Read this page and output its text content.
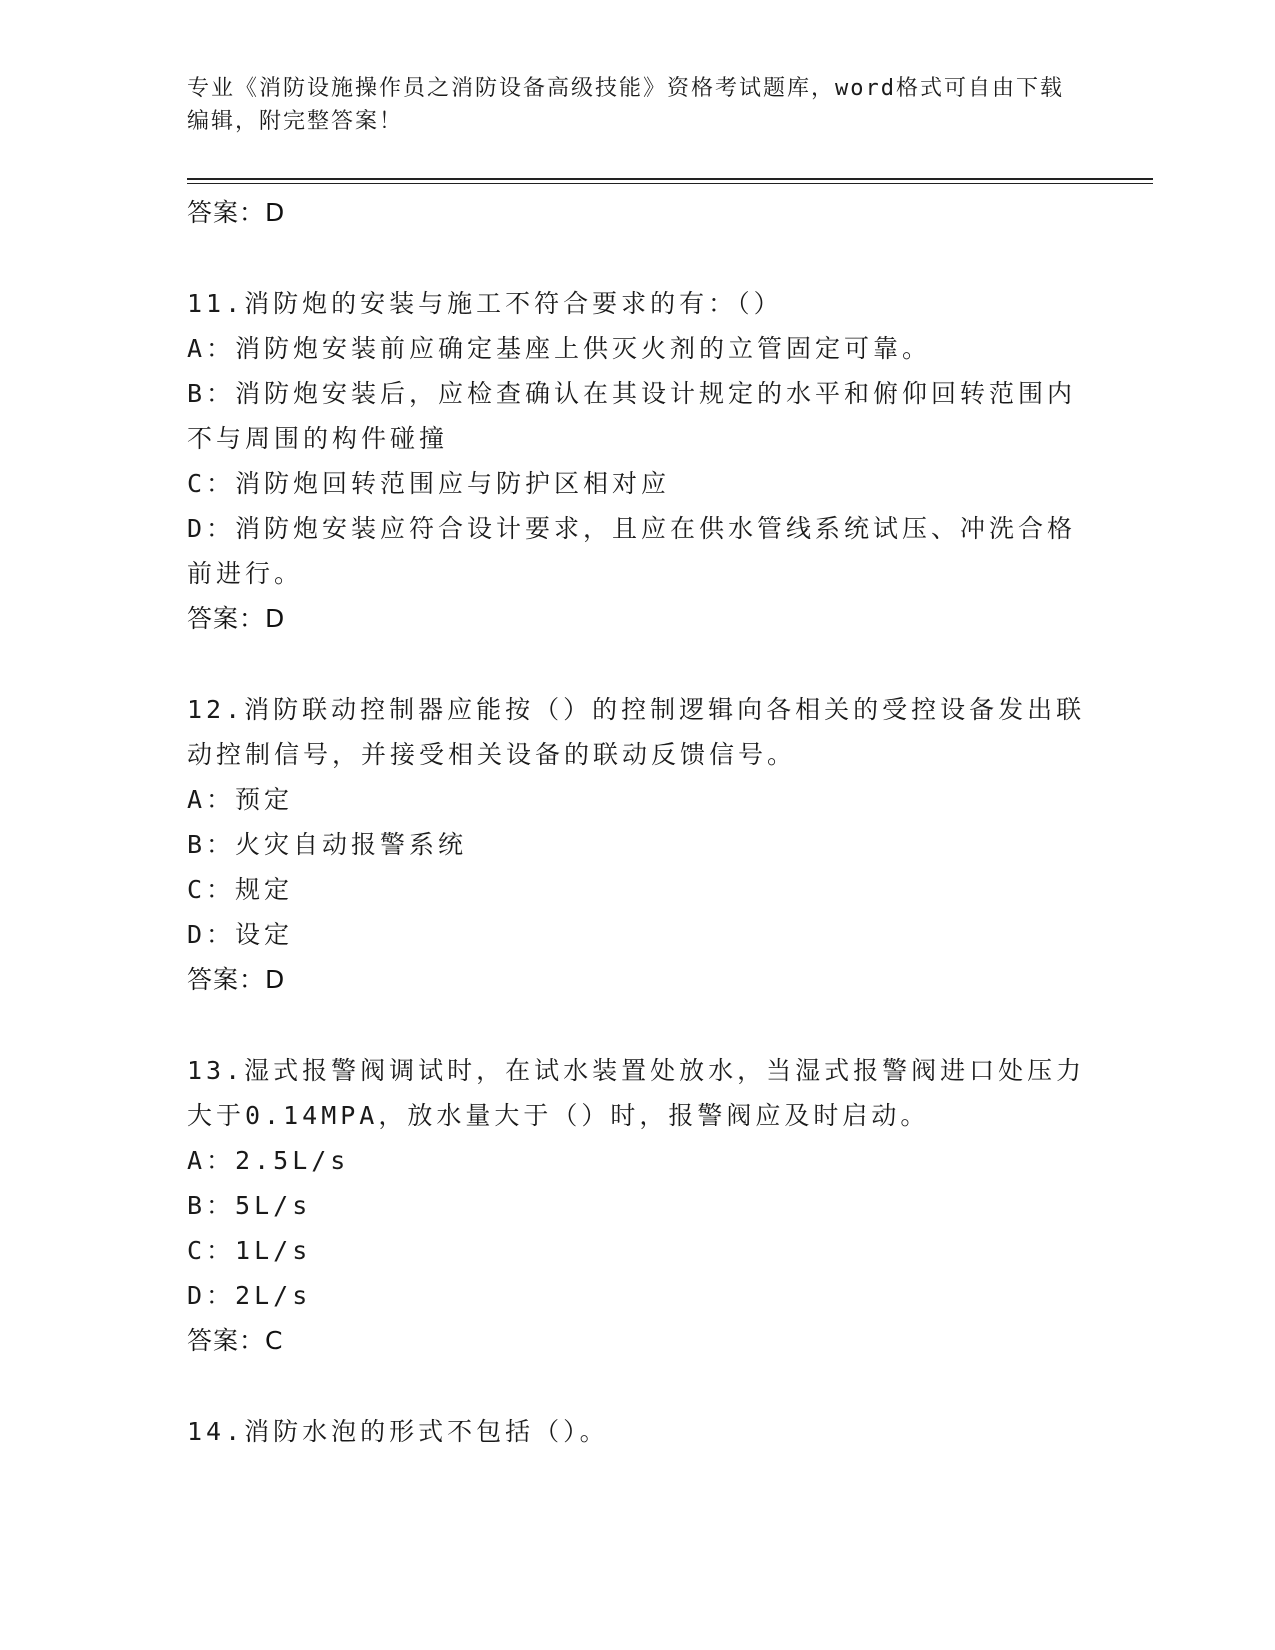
专业《消防设施操作员之消防设备高级技能》资格考试题库，word格式可自由下载编辑，附完整答案！
答案：D
11.消防炮的安装与施工不符合要求的有：（）
A：消防炮安装前应确定基座上供灭火剂的立管固定可靠。
B：消防炮安装后，应检查确认在其设计规定的水平和俯仰回转范围内不与周围的构件碰撞
C：消防炮回转范围应与防护区相对应
D：消防炮安装应符合设计要求，且应在供水管线系统试压、冲洗合格前进行。
答案：D
12.消防联动控制器应能按（）的控制逻辑向各相关的受控设备发出联动控制信号，并接受相关设备的联动反馈信号。
A：预定
B：火灾自动报警系统
C：规定
D：设定
答案：D
13.湿式报警阀调试时，在试水装置处放水，当湿式报警阀进口处压力大于0.14MPA，放水量大于（）时，报警阀应及时启动。
A：2.5L/s
B：5L/s
C：1L/s
D：2L/s
答案：C
14.消防水泡的形式不包括（）。
